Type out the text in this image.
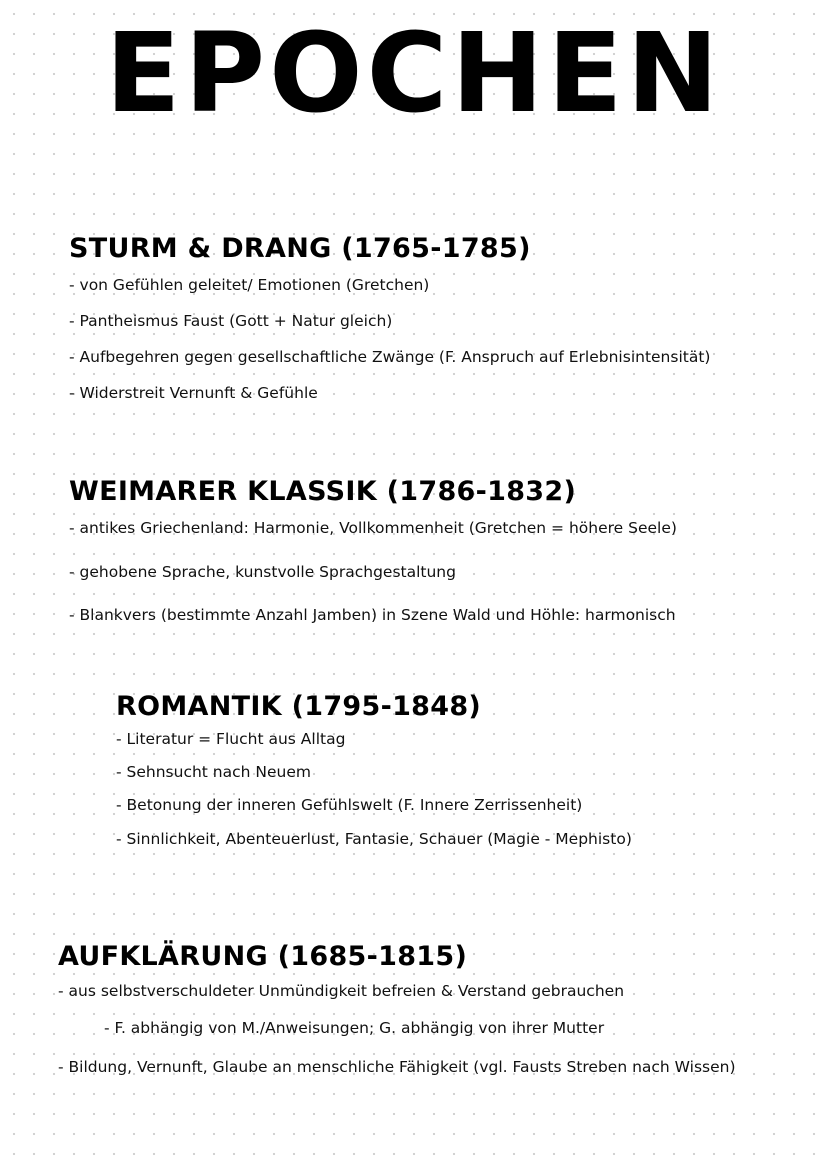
EPOCHEN
STURM & DRANG (1765-1785)
- von Gefühlen geleitet/ Emotionen (Gretchen)
- Pantheismus Faust (Gott + Natur gleich)
- Aufbegehren gegen gesellschaftliche Zwänge (F. Anspruch auf Erlebnisintensität)
- Widerstreit Vernunft & Gefühle
WEIMARER KLASSIK (1786-1832)
- antikes Griechenland: Harmonie, Vollkommenheit (Gretchen = höhere Seele)
- gehobene Sprache, kunstvolle Sprachgestaltung
- Blankvers (bestimmte Anzahl Jamben) in Szene Wald und Höhle: harmonisch
ROMANTIK (1795-1848)
- Literatur = Flucht aus Alltag
- Sehnsucht nach Neuem
- Betonung der inneren Gefühlswelt (F. Innere Zerrissenheit)
- Sinnlichkeit, Abenteuerlust, Fantasie, Schauer (Magie - Mephisto)
AUFKLÄRUNG (1685-1815)
- aus selbstverschuldeter Unmündigkeit befreien & Verstand gebrauchen
- F. abhängig von M./Anweisungen; G. abhängig von ihrer Mutter
- Bildung, Vernunft, Glaube an menschliche Fähigkeit (vgl. Fausts Streben nach Wissen)
